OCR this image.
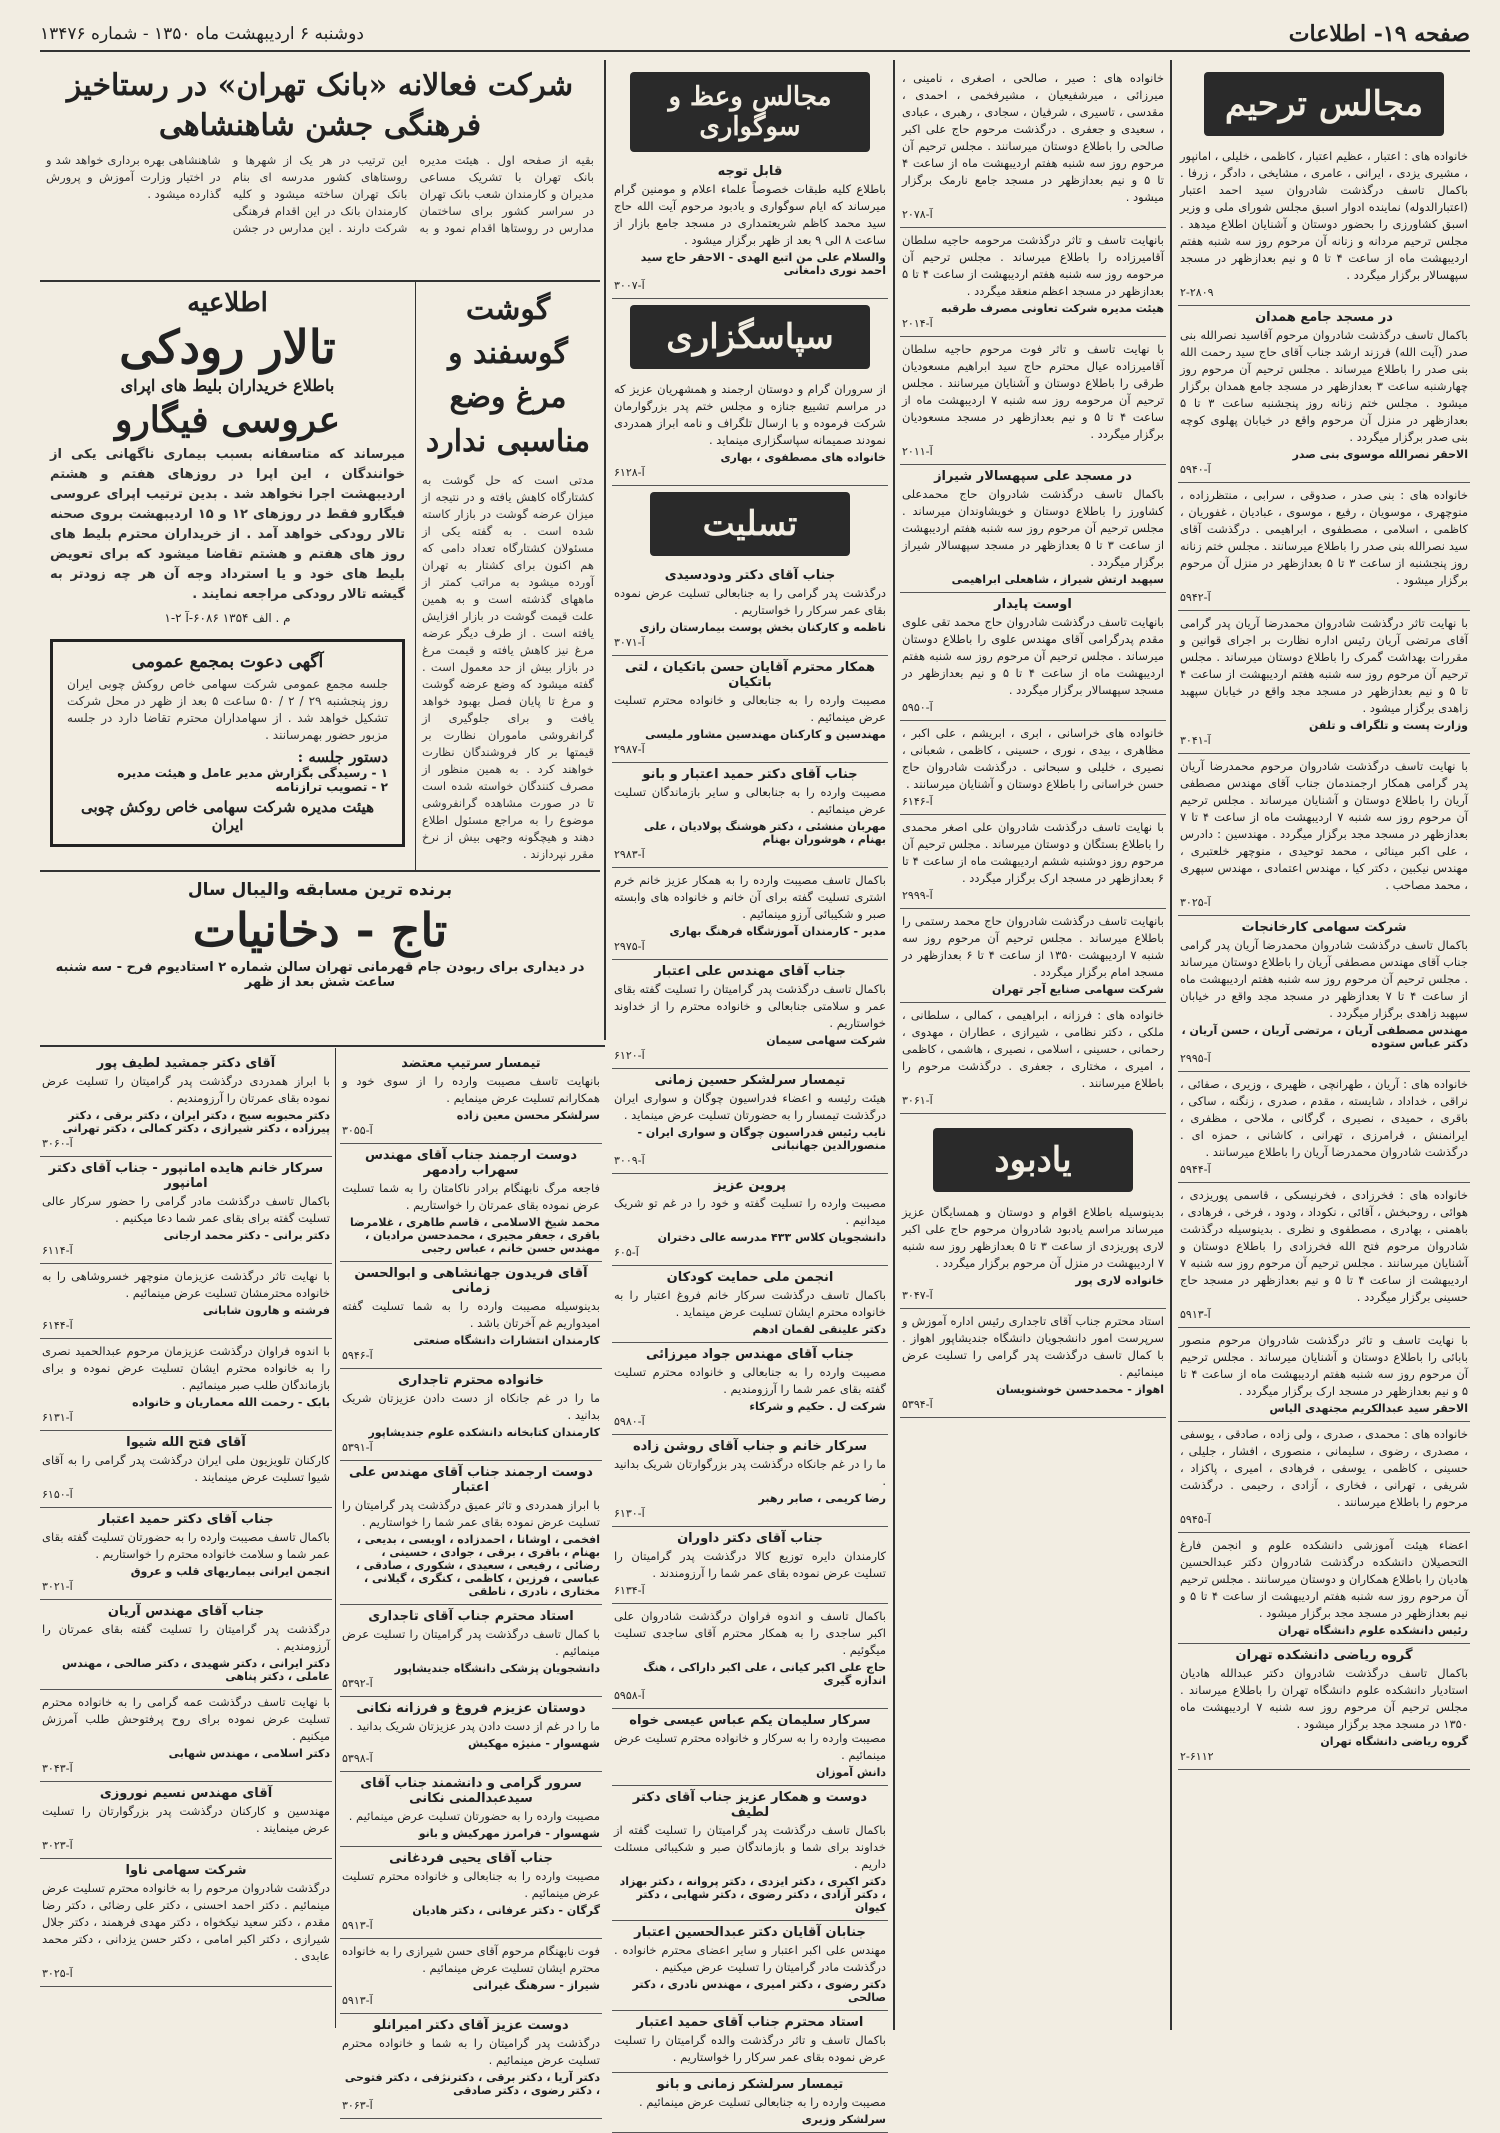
صفحه ۱۹- اطلاعات
دوشنبه ۶ اردیبهشت ماه ۱۳۵۰ - شماره ۱۳۴۷۶
مجالس ترحیم
خانواده های : اعتبار ، عظیم اعتبار ، کاظمی ، خلیلی ، امانپور ، مشیری یزدی ، ایرانی ، عامری ، مشایخی ، دادگر ، زرفا . باکمال تاسف درگذشت شادروان سید احمد اعتبار (اعتبارالدوله) نماینده ادوار اسبق مجلس شورای ملی و وزیر اسبق کشاورزی را بحضور دوستان و آشنایان اطلاع میدهد . مجلس ترحیم مردانه و زنانه آن مرحوم روز سه شنبه هفتم اردیبهشت ماه از ساعت ۴ تا ۵ و نیم بعدازظهر در مسجد سپهسالار برگزار میگردد .
۲-۲۸۰۹
در مسجد جامع همدان
باکمال تاسف درگذشت شادروان مرحوم آقاسید نصرالله بنی صدر (آیت الله) فرزند ارشد جناب آقای حاج سید رحمت الله بنی صدر را باطلاع میرساند . مجلس ترحیم آن مرحوم روز چهارشنبه ساعت ۳ بعدازظهر در مسجد جامع همدان برگزار میشود . مجلس ختم زنانه روز پنجشنبه ساعت ۳ تا ۵ بعدازظهر در منزل آن مرحوم واقع در خیابان پهلوی کوچه بنی صدر برگزار میگردد .
الاحقر نصرالله موسوی بنی صدر
۵۹۴۰-آ
خانواده های : بنی صدر ، صدوقی ، سرابی ، منتظرزاده ، منوچهری ، موسویان ، رفیع ، موسوی ، عبادیان ، غفوریان ، کاظمی ، اسلامی ، مصطفوی ، ابراهیمی . درگذشت آقای سید نصرالله بنی صدر را باطلاع میرسانند . مجلس ختم زنانه روز پنجشنبه از ساعت ۳ تا ۵ بعدازظهر در منزل آن مرحوم برگزار میشود .
۵۹۴۲-آ
با نهایت تاثر درگذشت شادروان محمدرضا آریان پدر گرامی آقای مرتضی آریان رئیس اداره نظارت بر اجرای قوانین و مقررات بهداشت گمرک را باطلاع دوستان میرساند . مجلس ترحیم آن مرحوم روز سه شنبه هفتم اردیبهشت از ساعت ۴ تا ۵ و نیم بعدازظهر در مسجد مجد واقع در خیابان سپهبد زاهدی برگزار میشود .
وزارت پست و تلگراف و تلفن
۳۰۴۱-آ
با نهایت تاسف درگذشت شادروان مرحوم محمدرضا آریان پدر گرامی همکار ارجمندمان جناب آقای مهندس مصطفی آریان را باطلاع دوستان و آشنایان میرساند . مجلس ترحیم آن مرحوم روز سه شنبه ۷ اردیبهشت ماه از ساعت ۴ تا ۷ بعدازظهر در مسجد مجد برگزار میگردد . مهندسین : دادرس ، علی اکبر مینائی ، محمد توحیدی ، منوچهر خلعتبری ، مهندس نیکبین ، دکتر کیا ، مهندس اعتمادی ، مهندس سپهری ، محمد مصاحب .
۳۰۲۵-آ
شرکت سهامی کارخانجات
باکمال تاسف درگذشت شادروان محمدرضا آریان پدر گرامی جناب آقای مهندس مصطفی آریان را باطلاع دوستان میرساند . مجلس ترحیم آن مرحوم روز سه شنبه هفتم اردیبهشت ماه از ساعت ۴ تا ۷ بعدازظهر در مسجد مجد واقع در خیابان سپهبد زاهدی برگزار میگردد .
مهندس مصطفی آریان ، مرتضی آریان ، حسن آریان ، دکتر عباس ستوده
۲۹۹۵-آ
خانواده های : آریان ، طهرانچی ، ظهیری ، وزیری ، صفائی ، نراقی ، خداداد ، شایسته ، مقدم ، صدری ، زنگنه ، ساکی ، باقری ، حمیدی ، نصیری ، گرگانی ، ملاحی ، مظفری ، ایرانمنش ، فرامرزی ، تهرانی ، کاشانی ، حمزه ای . درگذشت شادروان محمدرضا آریان را باطلاع میرسانند .
۵۹۴۴-آ
خانواده های : فخرزادی ، فخرنیسکی ، قاسمی پوریزدی ، هوائی ، روحبخش ، آقائی ، نکوداد ، ودود ، فرخی ، فرهادی ، باهمنی ، بهادری ، مصطفوی و نظری . بدینوسیله درگذشت شادروان مرحوم فتح الله فخرزادی را باطلاع دوستان و آشنایان میرسانند . مجلس ترحیم آن مرحوم روز سه شنبه ۷ اردیبهشت از ساعت ۴ تا ۵ و نیم بعدازظهر در مسجد حاج حسینی برگزار میگردد .
۵۹۱۳-آ
با نهایت تاسف و تاثر درگذشت شادروان مرحوم منصور بابائی را باطلاع دوستان و آشنایان میرساند . مجلس ترحیم آن مرحوم روز سه شنبه هفتم اردیبهشت ماه از ساعت ۴ تا ۵ و نیم بعدازظهر در مسجد ارک برگزار میگردد .
الاحقر سید عبدالکریم مجتهدی الیاس
خانواده های : محمدی ، صدری ، ولی زاده ، صادقی ، یوسفی ، مصدری ، رضوی ، سلیمانی ، منصوری ، افشار ، جلیلی ، حسینی ، کاظمی ، یوسفی ، فرهادی ، امیری ، پاکزاد ، شریفی ، تهرانی ، فخاری ، آزادی ، رحیمی . درگذشت مرحوم را باطلاع میرسانند .
۵۹۴۵-آ
اعضاء هیئت آموزشی دانشکده علوم و انجمن فارغ التحصیلان دانشکده درگذشت شادروان دکتر عبدالحسین هادیان را باطلاع همکاران و دوستان میرسانند . مجلس ترحیم آن مرحوم روز سه شنبه هفتم اردیبهشت از ساعت ۴ تا ۵ و نیم بعدازظهر در مسجد مجد برگزار میشود .
رئیس دانشکده علوم دانشگاه تهران
گروه ریاضی دانشکده تهران
باکمال تاسف درگذشت شادروان دکتر عبدالله هادیان استادیار دانشکده علوم دانشگاه تهران را باطلاع میرساند . مجلس ترحیم آن مرحوم روز سه شنبه ۷ اردیبهشت ماه ۱۳۵۰ در مسجد مجد برگزار میشود .
گروه ریاضی دانشگاه تهران
۲-۶۱۱۲
خانواده های : صیر ، صالحی ، اصغری ، نامینی ، میرزائی ، میرشفیعیان ، مشیرفخمی ، احمدی ، مقدسی ، تاسیری ، شرفیان ، سجادی ، رهبری ، عبادی ، سعیدی و جعفری . درگذشت مرحوم حاج علی اکبر صالحی را باطلاع دوستان میرسانند . مجلس ترحیم آن مرحوم روز سه شنبه هفتم اردیبهشت ماه از ساعت ۴ تا ۵ و نیم بعدازظهر در مسجد جامع نارمک برگزار میشود .
آ-۲۰۷۸
بانهایت تاسف و تاثر درگذشت مرحومه حاجیه سلطان آقامیرزاده را باطلاع میرساند . مجلس ترحیم آن مرحومه روز سه شنبه هفتم اردیبهشت از ساعت ۴ تا ۵ بعدازظهر در مسجد اعظم منعقد میگردد .
هیئت مدیره شرکت تعاونی مصرف طرقبه
۲۰۱۴-آ
با نهایت تاسف و تاثر فوت مرحوم حاجیه سلطان آقامیرزاده عیال محترم حاج سید ابراهیم مسعودیان طرقی را باطلاع دوستان و آشنایان میرسانند . مجلس ترحیم آن مرحومه روز سه شنبه ۷ اردیبهشت ماه از ساعت ۴ تا ۵ و نیم بعدازظهر در مسجد مسعودیان برگزار میگردد .
۲۰۱۱-آ
در مسجد علی سپهسالار شیراز
باکمال تاسف درگذشت شادروان حاج محمدعلی کشاورز را باطلاع دوستان و خویشاوندان میرساند . مجلس ترحیم آن مرحوم روز سه شنبه هفتم اردیبهشت از ساعت ۳ تا ۵ بعدازظهر در مسجد سپهسالار شیراز برگزار میگردد .
سپهبد ارتش شیراز ، شاهعلی ابراهیمی
اوست پایدار
بانهایت تاسف درگذشت شادروان حاج محمد تقی علوی مقدم پدرگرامی آقای مهندس علوی را باطلاع دوستان میرساند . مجلس ترحیم آن مرحوم روز سه شنبه هفتم اردیبهشت ماه از ساعت ۴ تا ۵ و نیم بعدازظهر در مسجد سپهسالار برگزار میگردد .
۵۹۵۰-آ
خانواده های خراسانی ، ابری ، ابریشم ، علی اکبر ، مظاهری ، بیدی ، نوری ، حسینی ، کاظمی ، شعبانی ، نصیری ، خلیلی و سبحانی . درگذشت شادروان حاج حسن خراسانی را باطلاع دوستان و آشنایان میرسانند .
۶۱۴۶-آ
با نهایت تاسف درگذشت شادروان علی اصغر محمدی را باطلاع بستگان و دوستان میرساند . مجلس ترحیم آن مرحوم روز دوشنبه ششم اردیبهشت ماه از ساعت ۴ تا ۶ بعدازظهر در مسجد ارک برگزار میگردد .
۲۹۹۹-آ
بانهایت تاسف درگذشت شادروان حاج محمد رستمی را باطلاع میرساند . مجلس ترحیم آن مرحوم روز سه شنبه ۷ اردیبهشت ۱۳۵۰ از ساعت ۴ تا ۶ بعدازظهر در مسجد امام برگزار میگردد .
شرکت سهامی صنایع آجر تهران
خانواده های : فرزانه ، ابراهیمی ، کمالی ، سلطانی ، ملکی ، دکتر نظامی ، شیرازی ، عطاران ، مهدوی ، رحمانی ، حسینی ، اسلامی ، نصیری ، هاشمی ، کاظمی ، امیری ، مختاری ، جعفری . درگذشت مرحوم را باطلاع میرسانند .
۳۰۶۱-آ
یادبود
بدینوسیله باطلاع اقوام و دوستان و همسایگان عزیز میرساند مراسم یادبود شادروان مرحوم حاج علی اکبر لاری پوریزدی از ساعت ۳ تا ۵ بعدازظهر روز سه شنبه ۷ اردیبهشت در منزل آن مرحوم برگزار میگردد .
خانواده لاری پور
۳۰۴۷-آ
استاد محترم جناب آقای تاجداری رئیس اداره آموزش و سرپرست امور دانشجویان دانشگاه جندیشاپور اهواز . با کمال تاسف درگذشت پدر گرامی را تسلیت عرض مینمائیم .
اهواز - محمدحسن خوشنویسان
۵۳۹۴-آ
مجالس وعظ و سوگواری
قابل توجه
باطلاع کلیه طبقات خصوصاً علماء اعلام و مومنین گرام میرساند که ایام سوگواری و یادبود مرحوم آیت الله حاج سید محمد کاظم شریعتمداری در مسجد جامع بازار از ساعت ۸ الی ۹ بعد از ظهر برگزار میشود .
والسلام علی من اتبع الهدی - الاحقر حاج سید احمد نوری دامغانی
۳۰۰۷-آ
سپاسگزاری
از سروران گرام و دوستان ارجمند و همشهریان عزیز که در مراسم تشییع جنازه و مجلس ختم پدر بزرگوارمان شرکت فرموده و با ارسال تلگراف و نامه ابراز همدردی نمودند صمیمانه سپاسگزاری مینماید .
خانواده های مصطفوی ، بهاری
۶۱۲۸-آ
تسلیت
جناب آقای دکتر ودودسیدی
درگذشت پدر گرامی را به جنابعالی تسلیت عرض نموده بقای عمر سرکار را خواستاریم .
ناظمه و کارکنان بخش پوست بیمارستان رازی
۳۰۷۱-آ
همکار محترم آقایان حسن باتکیان ، لتی باتکیان
مصیبت وارده را به جنابعالی و خانواده محترم تسلیت عرض مینمائیم .
مهندسین و کارکنان مهندسین مشاور ملیسی
۲۹۸۷-آ
جناب آقای دکتر حمید اعتبار و بانو
مصیبت وارده را به جنابعالی و سایر بازماندگان تسلیت عرض مینمائیم .
مهربان منشئی ، دکتر هوشنگ پولادیان ، علی بهنام ، هوشوران بهنام
۲۹۸۳-آ
باکمال تاسف مصیبت وارده را به همکار عزیز خانم خرم اشتری تسلیت گفته برای آن خانم و خانواده های وابسته صبر و شکیبائی آرزو مینمائیم .
مدیر - کارمندان آموزشگاه فرهنگ بهاری
۲۹۷۵-آ
جناب آقای مهندس علی اعتبار
باکمال تاسف درگذشت پدر گرامیتان را تسلیت گفته بقای عمر و سلامتی جنابعالی و خانواده محترم را از خداوند خواستاریم .
شرکت سهامی سیمان
۶۱۲۰-آ
تیمسار سرلشکر حسین زمانی
هیئت رئیسه و اعضاء فدراسیون چوگان و سواری ایران درگذشت تیمسار را به حضورتان تسلیت عرض مینماید .
نایب رئیس فدراسیون چوگان و سواری ایران - منصورالدین جهانبانی
۳۰۰۹-آ
پروین عزیز
مصیبت وارده را تسلیت گفته و خود را در غم تو شریک میدانیم .
دانشجویان کلاس ۴۳۳ مدرسه عالی دختران
۶۰۵-آ
انجمن ملی حمایت کودکان
باکمال تاسف درگذشت سرکار خانم فروغ اعتبار را به خانواده محترم ایشان تسلیت عرض مینماید .
دکتر علینقی لقمان ادهم
جناب آقای مهندس جواد میرزائی
مصیبت وارده را به جنابعالی و خانواده محترم تسلیت گفته بقای عمر شما را آرزومندیم .
شرکت ل . حکیم و شرکاء
۵۹۸۰-آ
سرکار خانم و جناب آقای روشن زاده
ما را در غم جانکاه درگذشت پدر بزرگوارتان شریک بدانید .
رضا کریمی ، صابر رهبر
۶۱۳۰-آ
جناب آقای دکتر داوران
کارمندان دایره توزیع کالا درگذشت پدر گرامیتان را تسلیت عرض نموده بقای عمر شما را آرزومندند .
۶۱۳۴-آ
باکمال تاسف و اندوه فراوان درگذشت شادروان علی اکبر ساجدی را به همکار محترم آقای ساجدی تسلیت میگوئیم .
حاج علی اکبر کیانی ، علی اکبر داراکی ، هنگ اندازه گیری
۵۹۵۸-آ
سرکار سلیمان یکم عباس عیسی خواه
مصیبت وارده را به سرکار و خانواده محترم تسلیت عرض مینمائیم .
دانش آموزان
دوست و همکار عزیز جناب آقای دکتر لطیف
باکمال تاسف درگذشت پدر گرامیتان را تسلیت گفته از خداوند برای شما و بازماندگان صبر و شکیبائی مسئلت داریم .
دکتر اکبری ، دکتر ایزدی ، دکتر پروانه ، دکتر بهزاد ، دکتر آزادی ، دکتر رضوی ، دکتر شهابی ، دکتر کیوان
جنابان آقایان دکتر عبدالحسین اعتبار
مهندس علی اکبر اعتبار و سایر اعضای محترم خانواده . درگذشت مادر گرامیتان را تسلیت عرض میکنیم .
دکتر رضوی ، دکتر امیری ، مهندس نادری ، دکتر صالحی
استاد محترم جناب آقای حمید اعتبار
باکمال تاسف و تاثر درگذشت والده گرامیتان را تسلیت عرض نموده بقای عمر سرکار را خواستاریم .
تیمسار سرلشکر زمانی و بانو
مصیبت وارده را به جنابعالی تسلیت عرض مینمائیم .
سرلشکر وزیری
شرکت فعالانه «بانک تهران» در رستاخیز فرهنگی جشن شاهنشاهی
بقیه از صفحه اول . هیئت مدیره بانک تهران با تشریک مساعی مدیران و کارمندان شعب بانک تهران در سراسر کشور برای ساختمان مدارس در روستاها اقدام نمود و به این ترتیب در هر یک از شهرها و روستاهای کشور مدرسه ای بنام بانک تهران ساخته میشود و کلیه کارمندان بانک در این اقدام فرهنگی شرکت دارند . این مدارس در جشن شاهنشاهی بهره برداری خواهد شد و در اختیار وزارت آموزش و پرورش گذارده میشود .
گوشت گوسفند و مرغ وضع مناسبی ندارد
مدتی است که حل گوشت به کشتارگاه کاهش یافته و در نتیجه از میزان عرضه گوشت در بازار کاسته شده است . به گفته یکی از مسئولان کشتارگاه تعداد دامی که هم اکنون برای کشتار به تهران آورده میشود به مراتب کمتر از ماههای گذشته است و به همین علت قیمت گوشت در بازار افزایش یافته است . از طرف دیگر عرضه مرغ نیز کاهش یافته و قیمت مرغ در بازار بیش از حد معمول است . گفته میشود که وضع عرضه گوشت و مرغ تا پایان فصل بهبود خواهد یافت و برای جلوگیری از گرانفروشی ماموران نظارت بر قیمتها بر کار فروشندگان نظارت خواهند کرد . به همین منظور از مصرف کنندگان خواسته شده است تا در صورت مشاهده گرانفروشی موضوع را به مراجع مسئول اطلاع دهند و هیچگونه وجهی بیش از نرخ مقرر نپردازند .
اطلاعیه
تالار رودکی
باطلاع خریداران بلیط های اپرای
عروسی فیگارو
میرساند که متاسفانه بسبب بیماری ناگهانی یکی از خوانندگان ، این اپرا در روزهای هفتم و هشتم اردیبهشت اجرا نخواهد شد . بدین ترتیب اپرای عروسی فیگارو فقط در روزهای ۱۲ و ۱۵ اردیبهشت بروی صحنه تالار رودکی خواهد آمد . از خریداران محترم بلیط های روز های هفتم و هشتم تقاضا میشود که برای تعویض بلیط های خود و یا استرداد وجه آن هر چه زودتر به گیشه تالار رودکی مراجعه نمایند .
م . الف ۱۳۵۴ ۶۰۸۶-آ ۲-۱
آگهی دعوت بمجمع عمومی
جلسه مجمع عمومی شرکت سهامی خاص روکش چوبی ایران روز پنجشنبه ۲۹ / ۲ / ۵۰ ساعت ۵ بعد از ظهر در محل شرکت تشکیل خواهد شد . از سهامداران محترم تقاضا دارد در جلسه مزبور حضور بهمرسانند .
دستور جلسه :
۱ - رسیدگی بگزارش مدیر عامل و هیئت مدیره
۲ - تصویب ترازنامه
هیئت مدیره شرکت سهامی خاص روکش چوبی ایران
برنده ترین مسابقه والیبال سال
تاج - دخانیات
در دیداری برای ربودن جام قهرمانی تهران سالن شماره ۲ استادیوم فرح - سه شنبه ساعت شش بعد از ظهر
تیمسار سرتیپ معتضد
بانهایت تاسف مصیبت وارده را از سوی خود و همکارانم تسلیت عرض مینمایم .
سرلشکر محسن معین زاده
۳۰۵۵-آ
دوست ارجمند جناب آقای مهندس سهراب رادمهر
فاجعه مرگ نابهنگام برادر ناکامتان را به شما تسلیت عرض نموده بقای عمرتان را خواستاریم .
محمد شیخ الاسلامی ، قاسم طاهری ، غلامرضا باقری ، جعفر مجیری ، محمدحسن مرادیان ، مهندس حسن خانم ، عباس رجبی
آقای فریدون جهانشاهی و ابوالحسن زمانی
بدینوسیله مصیبت وارده را به شما تسلیت گفته امیدواریم غم آخرتان باشد .
کارمندان انتشارات دانشگاه صنعتی
۵۹۴۶-آ
خانواده محترم تاجداری
ما را در غم جانکاه از دست دادن عزیزتان شریک بدانید .
کارمندان کتابخانه دانشکده علوم جندیشاپور
۵۳۹۱-آ
دوست ارجمند جناب آقای مهندس علی اعتبار
با ابراز همدردی و تاثر عمیق درگذشت پدر گرامیتان را تسلیت عرض نموده بقای عمر شما را خواستاریم .
افخمی ، اوشانا ، احمدزاده ، اویسی ، بدیعی ، بهنام ، باقری ، برقی ، جوادی ، حسینی ، رضائی ، رفیعی ، سعیدی ، شکوری ، صادقی ، عباسی ، فرزین ، کاظمی ، کنگری ، گیلانی ، مختاری ، نادری ، ناطقی
استاد محترم جناب آقای تاجداری
با کمال تاسف درگذشت پدر گرامیتان را تسلیت عرض مینمائیم .
دانشجویان پزشکی دانشگاه جندیشاپور
۵۳۹۲-آ
دوستان عزیزم فروغ و فرزانه نکانی
ما را در غم از دست دادن پدر عزیزتان شریک بدانید .
شهسوار - منیژه مهکیش
۵۳۹۸-آ
سرور گرامی و دانشمند جناب آقای سیدعبدالمنی نکانی
مصیبت وارده را به حضورتان تسلیت عرض مینمائیم .
شهسوار - فرامرز مهرکیش و بانو
جناب آقای یحیی فردغانی
مصیبت وارده را به جنابعالی و خانواده محترم تسلیت عرض مینمائیم .
گرگان - دکتر عرفانی ، دکتر هادیان
۵۹۱۳-آ
فوت نابهنگام مرحوم آقای حسن شیرازی را به خانواده محترم ایشان تسلیت عرض مینمائیم .
شیراز - سرهنگ غیرانی
۵۹۱۳-آ
دوست عزیز آقای دکتر امیرانلو
درگذشت پدر گرامیتان را به شما و خانواده محترم تسلیت عرض مینمائیم .
دکتر آریا ، دکتر برقی ، دکترنژفی ، دکتر فتوحی ، دکتر رضوی ، دکتر صادقی
۳۰۶۳-آ
آقای دکتر جمشید لطیف پور
با ابراز همدردی درگذشت پدر گرامیتان را تسلیت عرض نموده بقای عمرتان را آرزومندیم .
دکتر محبوبه سیح ، دکتر ایران ، دکتر برقی ، دکتر پیرزاده ، دکتر شیرازی ، دکتر کمالی ، دکتر تهرانی
۳۰۶۰-آ
سرکار خانم هایده امانپور - جناب آقای دکتر امانپور
باکمال تاسف درگذشت مادر گرامی را حضور سرکار عالی تسلیت گفته برای بقای عمر شما دعا میکنیم .
دکتر برانی - دکتر محمد ارجانی
۶۱۱۴-آ
با نهایت تاثر درگذشت عزیزمان منوچهر خسروشاهی را به خانواده محترمشان تسلیت عرض مینمائیم .
فرشته و هارون شابانی
۶۱۴۴-آ
با اندوه فراوان درگذشت عزیزمان مرحوم عبدالحمید نصری را به خانواده محترم ایشان تسلیت عرض نموده و برای بازماندگان طلب صبر مینمائیم .
بابک - رحمت الله معماریان و خانواده
۶۱۳۱-آ
آقای فتح الله شیوا
کارکنان تلویزیون ملی ایران درگذشت پدر گرامی را به آقای شیوا تسلیت عرض مینمایند .
۶۱۵۰-آ
جناب آقای دکتر حمید اعتبار
باکمال تاسف مصیبت وارده را به حضورتان تسلیت گفته بقای عمر شما و سلامت خانواده محترم را خواستاریم .
انجمن ایرانی بیماریهای قلب و عروق
۳۰۲۱-آ
جناب آقای مهندس آریان
درگذشت پدر گرامیتان را تسلیت گفته بقای عمرتان را آرزومندیم .
دکتر ایرانی ، دکتر شهیدی ، دکتر صالحی ، مهندس عاملی ، دکتر پناهی
با نهایت تاسف درگذشت عمه گرامی را به خانواده محترم تسلیت عرض نموده برای روح پرفتوحش طلب آمرزش میکنیم .
دکتر اسلامی ، مهندس شهابی
۳۰۴۳-آ
آقای مهندس نسیم نوروزی
مهندسین و کارکنان درگذشت پدر بزرگوارتان را تسلیت عرض مینمایند .
۳۰۲۳-آ
شرکت سهامی ناوا
درگذشت شادروان مرحوم را به خانواده محترم تسلیت عرض مینمائیم . دکتر احمد احسنی ، دکتر علی رضائی ، دکتر رضا مقدم ، دکتر سعید نیکخواه ، دکتر مهدی فرهمند ، دکتر جلال شیرازی ، دکتر اکبر امامی ، دکتر حسن یزدانی ، دکتر محمد عابدی .
۳۰۲۵-آ
